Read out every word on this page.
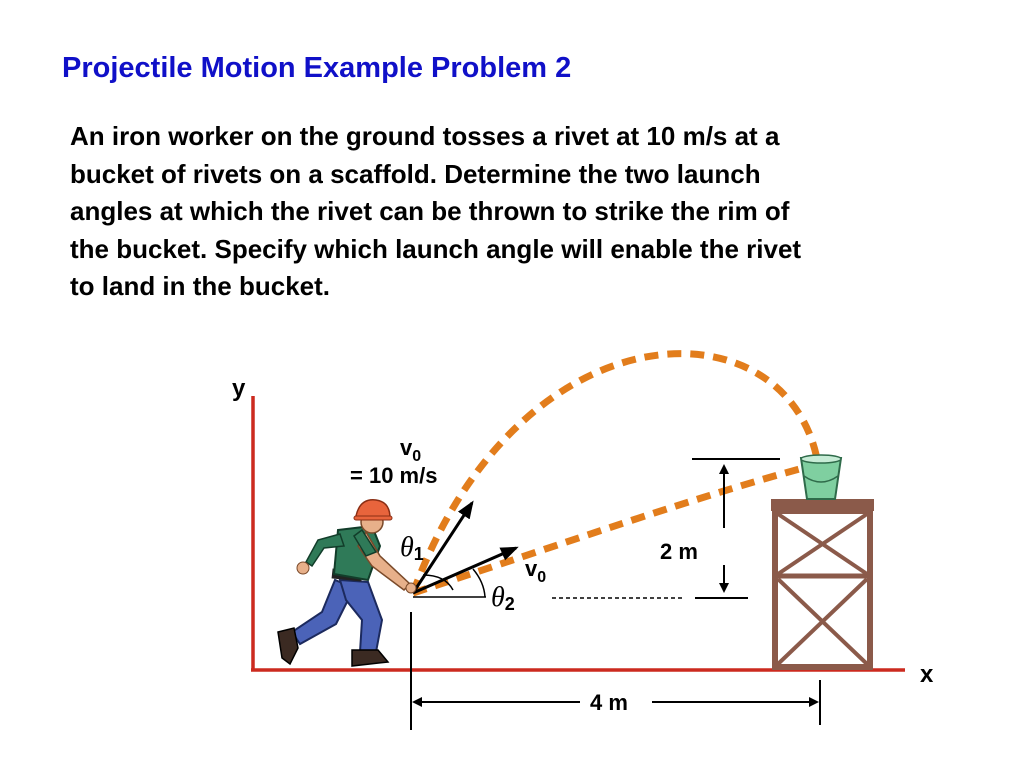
Projectile Motion Example Problem 2
An iron worker on the ground tosses a rivet at 10 m/s at a
bucket of rivets on a scaffold. Determine the two launch
angles at which the rivet can be thrown to strike the rim of
the bucket. Specify which launch angle will enable the rivet
to land in the bucket.
y
x
$v_0$
= 10 m/s
θ1
θ2
$v_0$
2 m
4 m
